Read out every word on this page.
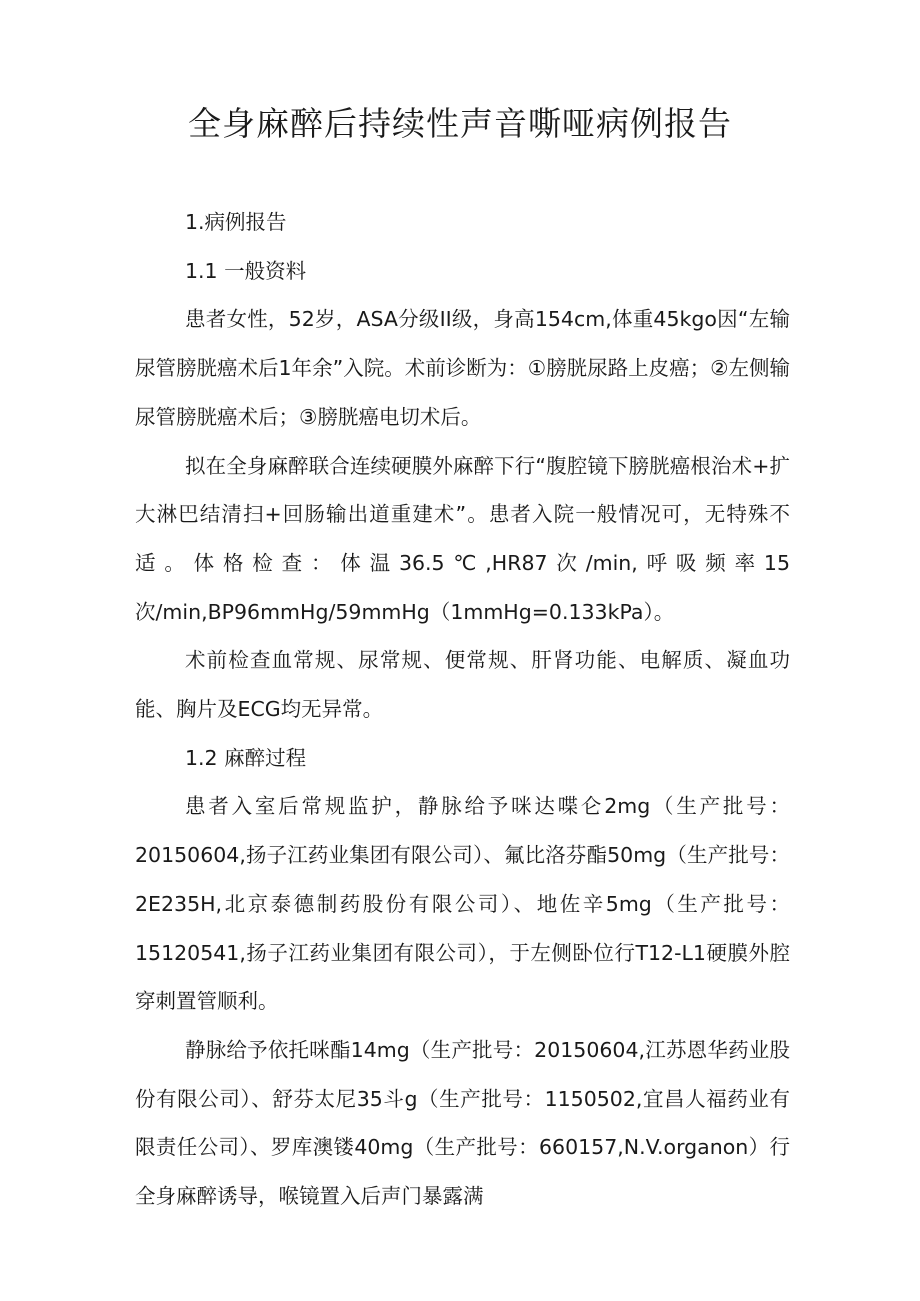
全身麻醉后持续性声音嘶哑病例报告

1.病例报告

1.1 一般资料

患者女性，52岁，ASA分级II级，身高154cm,体重45kgo因“左输尿管膀胱癌术后1年余”入院。术前诊断为：①膀胱尿路上皮癌；②左侧输尿管膀胱癌术后；③膀胱癌电切术后。

拟在全身麻醉联合连续硬膜外麻醉下行“腹腔镜下膀胱癌根治术+扩大淋巴结清扫+回肠输出道重建术”。患者入院一般情况可，无特殊不适。体格检查：体温36.5℃,HR87次/min,呼吸频率15次/min,BP96mmHg/59mmHg（1mmHg=0.133kPa）。

术前检查血常规、尿常规、便常规、肝肾功能、电解质、凝血功能、胸片及ECG均无异常。

1.2 麻醉过程

患者入室后常规监护，静脉给予咪达喋仑2mg（生产批号：20150604,扬子江药业集团有限公司）、氟比洛芬酯50mg（生产批号：2E235H,北京泰德制药股份有限公司）、地佐辛5mg（生产批号：15120541,扬子江药业集团有限公司），于左侧卧位行T12-L1硬膜外腔穿刺置管顺利。

静脉给予依托咪酯14mg（生产批号：20150604,江苏恩华药业股份有限公司）、舒芬太尼35斗g（生产批号：1150502,宜昌人福药业有限责任公司）、罗库澳镂40mg（生产批号：660157,N.V.organon）行全身麻醉诱导，喉镜置入后声门暴露满
